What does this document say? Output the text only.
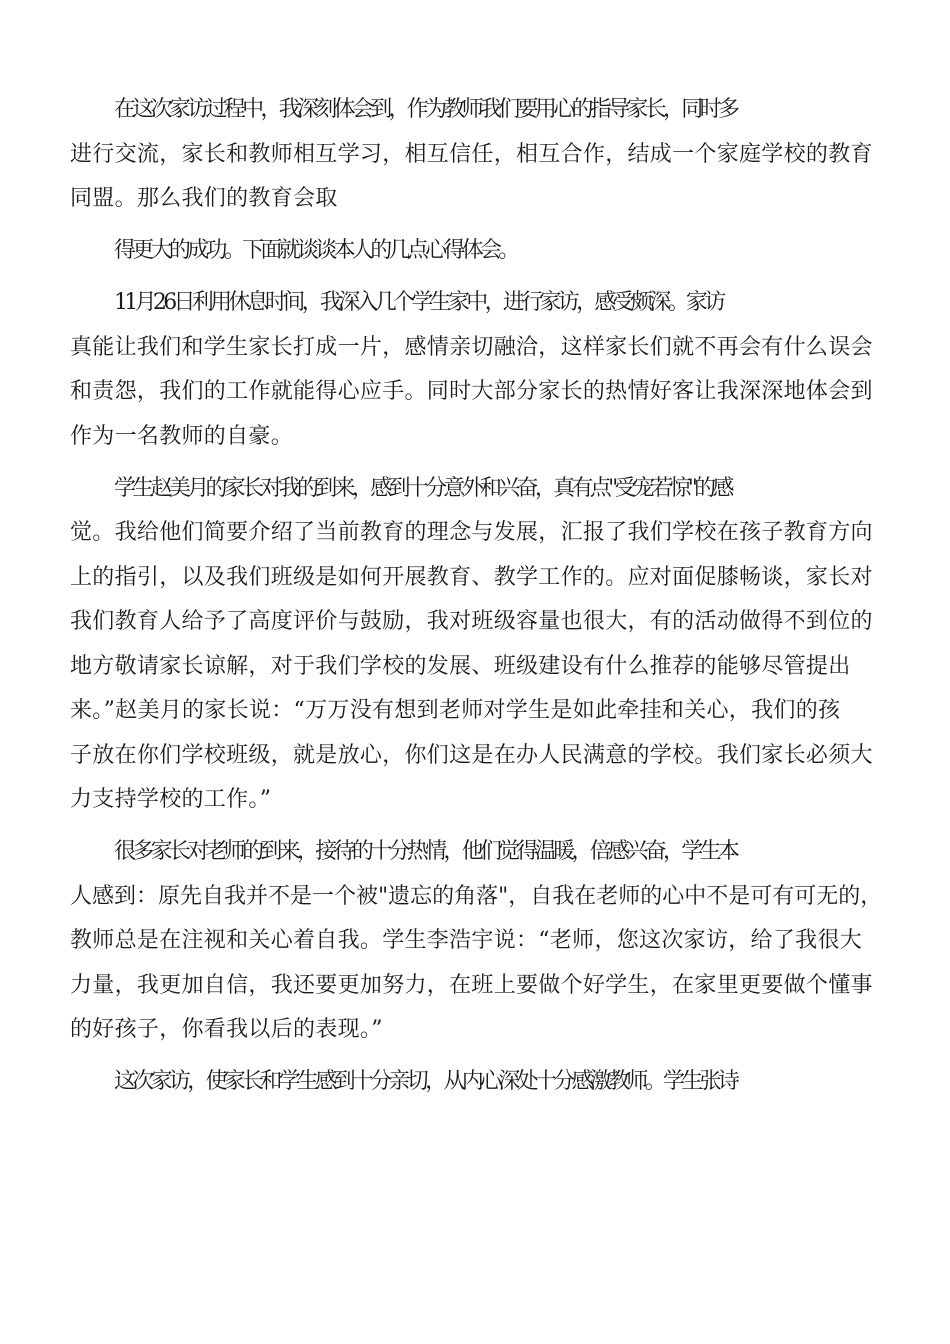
在这次家访过程中，我深刻体会到，作为教师我们要用心的指导家长，同时多
进行交流，家长和教师相互学习，相互信任，相互合作，结成一个家庭学校的教育
同盟。那么我们的教育会取

得更大的成功。下面就谈谈本人的几点心得体会。

11月26日利用休息时间，我深入几个学生家中，进行家访，感受颇深。家访
真能让我们和学生家长打成一片，感情亲切融洽，这样家长们就不再会有什么误会
和责怨，我们的工作就能得心应手。同时大部分家长的热情好客让我深深地体会到
作为一名教师的自豪。

学生赵美月的家长对我的到来，感到十分意外和兴奋，真有点"受宠若惊"的感
觉。我给他们简要介绍了当前教育的理念与发展，汇报了我们学校在孩子教育方向
上的指引，以及我们班级是如何开展教育、教学工作的。应对面促膝畅谈，家长对
我们教育人给予了高度评价与鼓励，我对班级容量也很大，有的活动做得不到位的
地方敬请家长谅解，对于我们学校的发展、班级建设有什么推荐的能够尽管提出
来。”赵美月的家长说：“万万没有想到老师对学生是如此牵挂和关心，我们的孩
子放在你们学校班级，就是放心，你们这是在办人民满意的学校。我们家长必须大
力支持学校的工作。”

很多家长对老师的到来，接待的十分热情，他们觉得温暖，倍感兴奋，学生本
人感到：原先自我并不是一个被"遗忘的角落"，自我在老师的心中不是可有可无的，
教师总是在注视和关心着自我。学生李浩宇说：“老师，您这次家访，给了我很大
力量，我更加自信，我还要更加努力，在班上要做个好学生，在家里更要做个懂事
的好孩子，你看我以后的表现。”

这次家访，使家长和学生感到十分亲切，从内心深处十分感激教师。学生张诗
